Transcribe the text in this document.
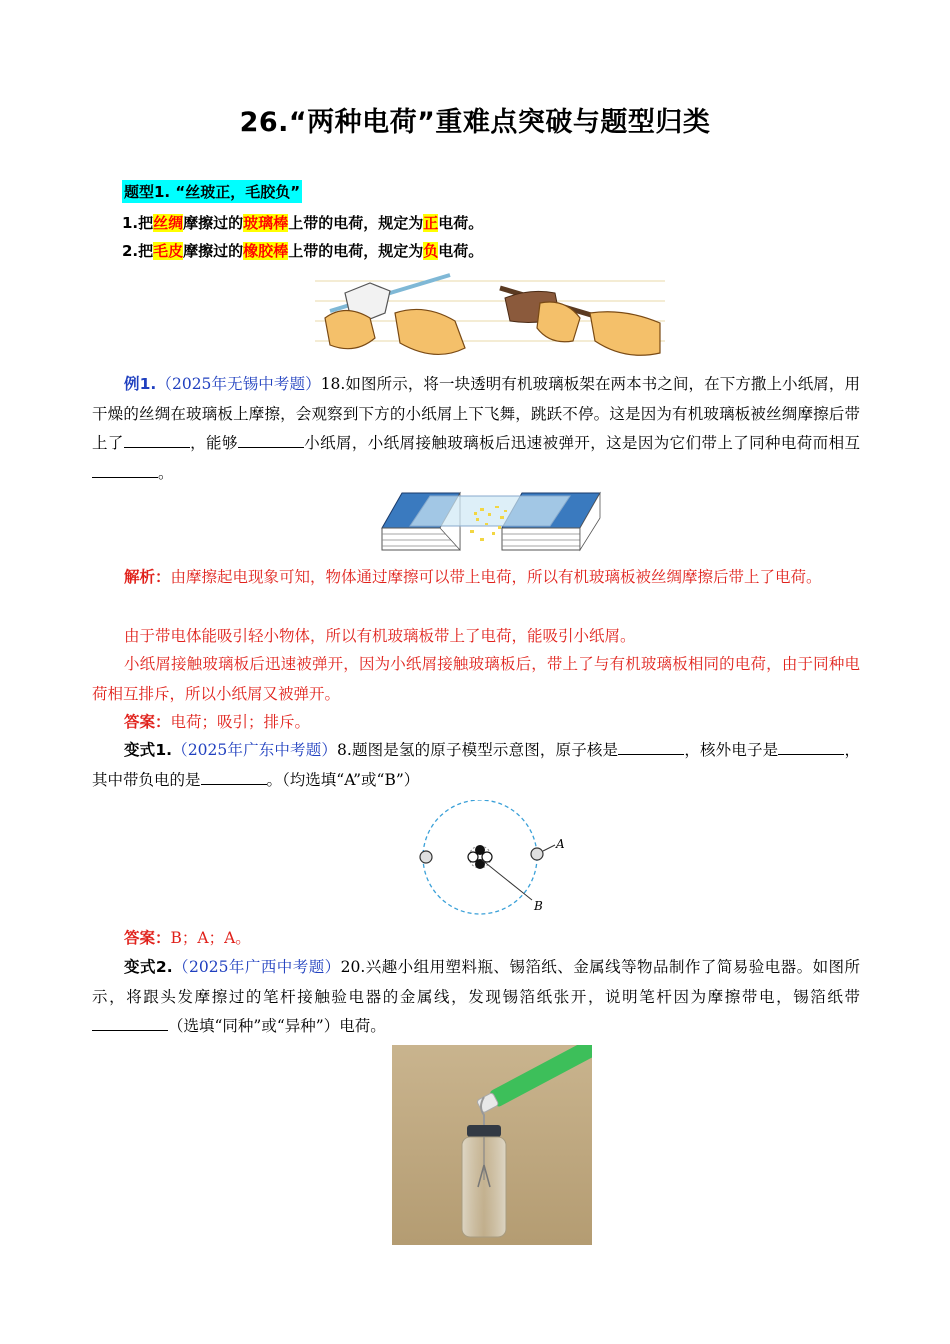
26.“两种电荷”重难点突破与题型归类
题型1. “丝玻正，毛胶负”
1.把丝绸摩擦过的玻璃棒上带的电荷，规定为正电荷。
2.把毛皮摩擦过的橡胶棒上带的电荷，规定为负电荷。
例1.（2025年无锡中考题）18.如图所示，将一块透明有机玻璃板架在两本书之间，在下方撒上小纸屑，用干燥的丝绸在玻璃板上摩擦，会观察到下方的小纸屑上下飞舞，跳跃不停。这是因为有机玻璃板被丝绸摩擦后带上了	，能够	小纸屑，小纸屑接触玻璃板后迅速被弹开，这是因为它们带上了同种电荷而相互。
解析：由摩擦起电现象可知，物体通过摩擦可以带上电荷，所以有机玻璃板被丝绸摩擦后带上了电荷。
由于带电体能吸引轻小物体，所以有机玻璃板带上了电荷，能吸引小纸屑。
小纸屑接触玻璃板后迅速被弹开，因为小纸屑接触玻璃板后，带上了与有机玻璃板相同的电荷，由于同种电荷相互排斥，所以小纸屑又被弹开。
答案：电荷；吸引；排斥。
变式1.（2025年广东中考题）8.题图是氢的原子模型示意图，原子核是	，核外电子是	，其中带负电的是	。（均选填“A”或“B”）
A
B
答案：B；A；A。
变式2.（2025年广西中考题）20.兴趣小组用塑料瓶、锡箔纸、金属线等物品制作了简易验电器。如图所示，将跟头发摩擦过的笔杆接触验电器的金属线，发现锡箔纸张开，说明笔杆因为摩擦带电，锡箔纸带（选填“同种”或“异种”）电荷。
